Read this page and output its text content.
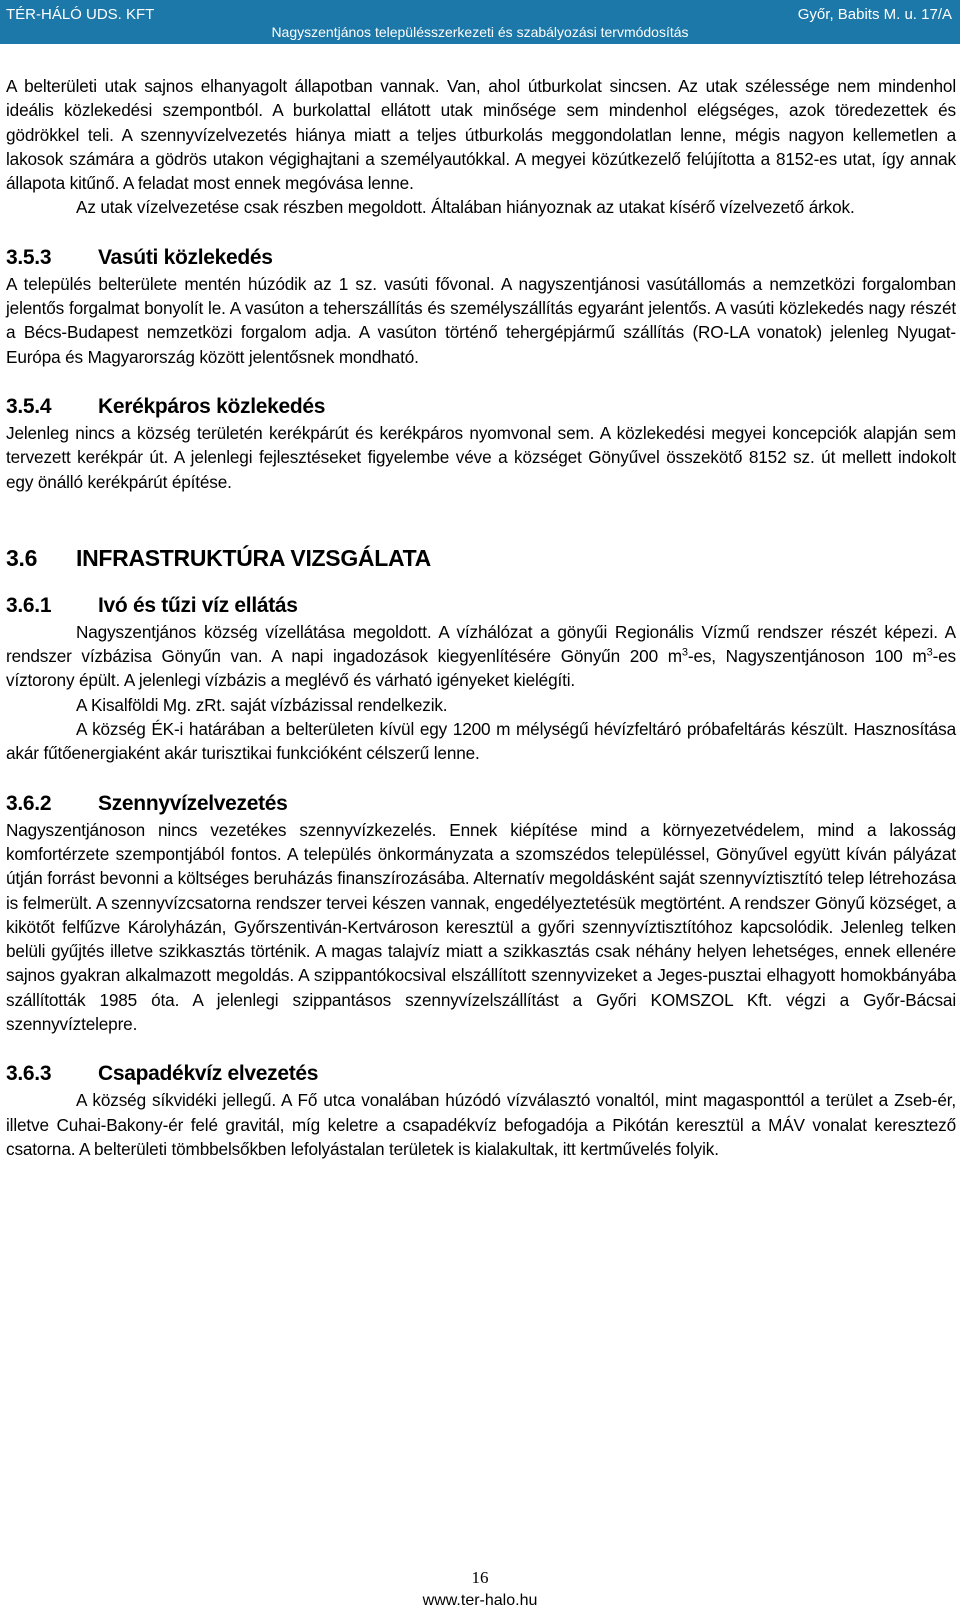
TÉR-HÁLÓ UDS. KFT	Győr, Babits M. u. 17/A
Nagyszentjános településszerkezeti és szabályozási tervmódosítás

A belterületi utak sajnos elhanyagolt állapotban vannak. Van, ahol útburkolat sincsen. Az utak szélessége nem mindenhol ideális közlekedési szempontból. A burkolattal ellátott utak minősége sem mindenhol elégséges, azok töredezettek és gödrökkel teli. A szennyvízelvezetés hiánya miatt a teljes útburkolás meggondolatlan lenne, mégis nagyon kellemetlen a lakosok számára a gödrös utakon végighajtani a személyautókkal. A megyei közútkezelő felújította a 8152-es utat, így annak állapota kitűnő. A feladat most ennek megóvása lenne.

Az utak vízelvezetése csak részben megoldott. Általában hiányoznak az utakat kísérő vízelvezető árkok.

3.5.3	Vasúti közlekedés

A település belterülete mentén húzódik az 1 sz. vasúti fővonal. A nagyszentjánosi vasútállomás a nemzetközi forgalomban jelentős forgalmat bonyolít le. A vasúton a teherszállítás és személyszállítás egyaránt jelentős. A vasúti közlekedés nagy részét a Bécs-Budapest nemzetközi forgalom adja. A vasúton történő tehergépjármű szállítás (RO-LA vonatok) jelenleg Nyugat-Európa és Magyarország között jelentősnek mondható.

3.5.4	Kerékpáros közlekedés

Jelenleg nincs a község területén kerékpárút és kerékpáros nyomvonal sem. A közlekedési megyei koncepciók alapján sem tervezett kerékpár út. A jelenlegi fejlesztéseket figyelembe véve a községet Gönyűvel összekötő 8152 sz. út mellett indokolt egy önálló kerékpárút építése.

3.6	INFRASTRUKTÚRA VIZSGÁLATA
3.6.1	Ivó és tűzi víz ellátás

Nagyszentjános község vízellátása megoldott. A vízhálózat a gönyűi Regionális Vízmű rendszer részét képezi. A rendszer vízbázisa Gönyűn van. A napi ingadozások kiegyenlítésére Gönyűn 200 $m^3-es$, Nagyszentjánoson 100 $m^3-es$ víztorony épült. A jelenlegi vízbázis a meglévő és várható igényeket kielégíti.

A Kisalföldi Mg. zRt. saját vízbázissal rendelkezik.

A község ÉK-i határában a belterületen kívül egy 1200 m mélységű hévízfeltáró próbafeltárás készült. Hasznosítása akár fűtőenergiaként akár turisztikai funkcióként célszerű lenne.

3.6.2	Szennyvízelvezetés

Nagyszentjánoson nincs vezetékes szennyvízkezelés. Ennek kiépítése mind a környezetvédelem, mind a lakosság komfortérzete szempontjából fontos. A település önkormányzata a szomszédos településsel, Gönyűvel együtt kíván pályázat útján forrást bevonni a költséges beruházás finanszírozásába. Alternatív megoldásként saját szennyvíztisztító telep létrehozása is felmerült. A szennyvízcsatorna rendszer tervei készen vannak, engedélyeztetésük megtörtént. A rendszer Gönyű községet, a kikötőt felfűzve Károlyházán, Győrszentiván-Kertvároson keresztül a győri szennyvíztisztítóhoz kapcsolódik. Jelenleg telken belüli gyűjtés illetve szikkasztás történik. A magas talajvíz miatt a szikkasztás csak néhány helyen lehetséges, ennek ellenére sajnos gyakran alkalmazott megoldás. A szippantókocsival elszállított szennyvizeket a Jeges-pusztai elhagyott homokbányába szállították 1985 óta. A jelenlegi szippantásos szennyvízelszállítást a Győri KOMSZOL Kft. végzi a Győr-Bácsai szennyvíztelepre.

3.6.3	Csapadékvíz elvezetés

A község síkvidéki jellegű. A Fő utca vonalában húzódó vízválasztó vonaltól, mint magasponttól a terület a Zseb-ér, illetve Cuhai-Bakony-ér felé gravitál, míg keletre a csapadékvíz befogadója a Pikótán keresztül a MÁV vonalat keresztező csatorna. A belterületi tömbbelsőkben lefolyástalan területek is kialakultak, itt kertművelés folyik.

16
www.ter-halo.hu
